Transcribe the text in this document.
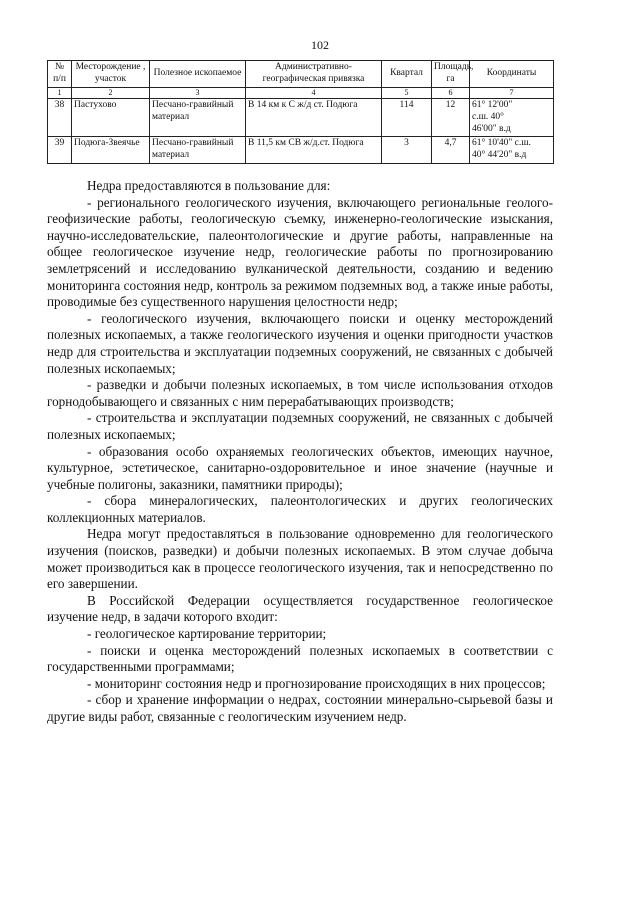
102
№ п/п	Месторождение , участок	Полезное ископаемое	Административно-географическая привязка	Квартал	Площадь, га	Координаты
1	2	3	4	5	6	7
38	Пастухово	Песчано-гравийный материал	В 14 км к С ж/д ст. Подюга	114	12	61° 12'00"
с.ш. 40°
46'00" в.д
39	Подюга-Звеячье	Песчано-гравийный материал	В 11,5 км СВ ж/д.ст. Подюга	3	4,7	61° 10'40" с.ш.
40° 44'20" в.д

Недра предоставляются в пользование для:

- регионального геологического изучения, включающего региональные геолого-геофизические работы, геологическую съемку, инженерно-геологические изыскания, научно-исследовательские, палеонтологические и другие работы, направленные на общее геологическое изучение недр, геологические работы по прогнозированию землетрясений и исследованию вулканической деятельности, созданию и ведению мониторинга состояния недр, контроль за режимом подземных вод, а также иные работы, проводимые без существенного нарушения целостности недр;

- геологического изучения, включающего поиски и оценку месторождений полезных ископаемых, а также геологического изучения и оценки пригодности участков недр для строительства и эксплуатации подземных сооружений, не связанных с добычей полезных ископаемых;

- разведки и добычи полезных ископаемых, в том числе использования отходов горнодобывающего и связанных с ним перерабатывающих производств;

- строительства и эксплуатации подземных сооружений, не связанных с добычей полезных ископаемых;

- образования особо охраняемых геологических объектов, имеющих научное, культурное, эстетическое, санитарно-оздоровительное и иное значение (научные и учебные полигоны, заказники, памятники природы);

- сбора минералогических, палеонтологических и других геологических коллекционных материалов.

Недра могут предоставляться в пользование одновременно для геологического изучения (поисков, разведки) и добычи полезных ископаемых. В этом случае добыча может производиться как в процессе геологического изучения, так и непосредственно по его завершении.

В Российской Федерации осуществляется государственное геологическое изучение недр, в задачи которого входит:

- геологическое картирование территории;

- поиски и оценка месторождений полезных ископаемых в соответствии с государственными программами;

- мониторинг состояния недр и прогнозирование происходящих в них процессов;

- сбор и хранение информации о недрах, состоянии минерально-сырьевой базы и другие виды работ, связанные с геологическим изучением недр.
